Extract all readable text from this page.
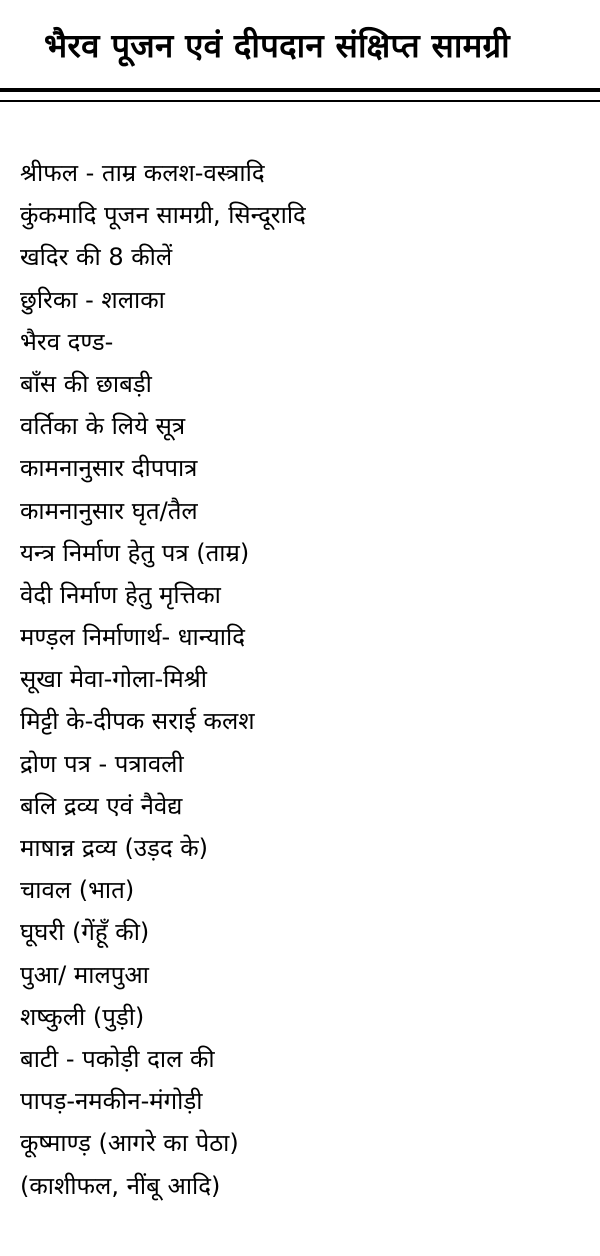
भैरव पूजन एवं दीपदान संक्षिप्त सामग्री
श्रीफल - ताम्र कलश-वस्त्रादि
कुंकमादि पूजन सामग्री, सिन्दूरादि
खदिर की 8 कीलें
छुरिका - शलाका
भैरव दण्ड-
बाँस की छाबड़ी
वर्तिका के लिये सूत्र
कामनानुसार दीपपात्र
कामनानुसार घृत/तैल
यन्त्र निर्माण हेतु पत्र (ताम्र)
वेदी निर्माण हेतु मृत्तिका
मण्ड़ल निर्माणार्थ- धान्यादि
सूखा मेवा-गोला-मिश्री
मिट्टी के-दीपक सराई कलश
द्रोण पत्र - पत्रावली
बलि द्रव्य एवं नैवेद्य
माषान्न द्रव्य (उड़द के)
चावल (भात)
घूघरी (गेंहूँ की)
पुआ/ मालपुआ
शष्कुली (पुड़ी)
बाटी - पकोड़ी दाल की
पापड़-नमकीन-मंगोड़ी
कूष्माण्ड़ (आगरे का पेठा)
(काशीफल, नींबू आदि)
